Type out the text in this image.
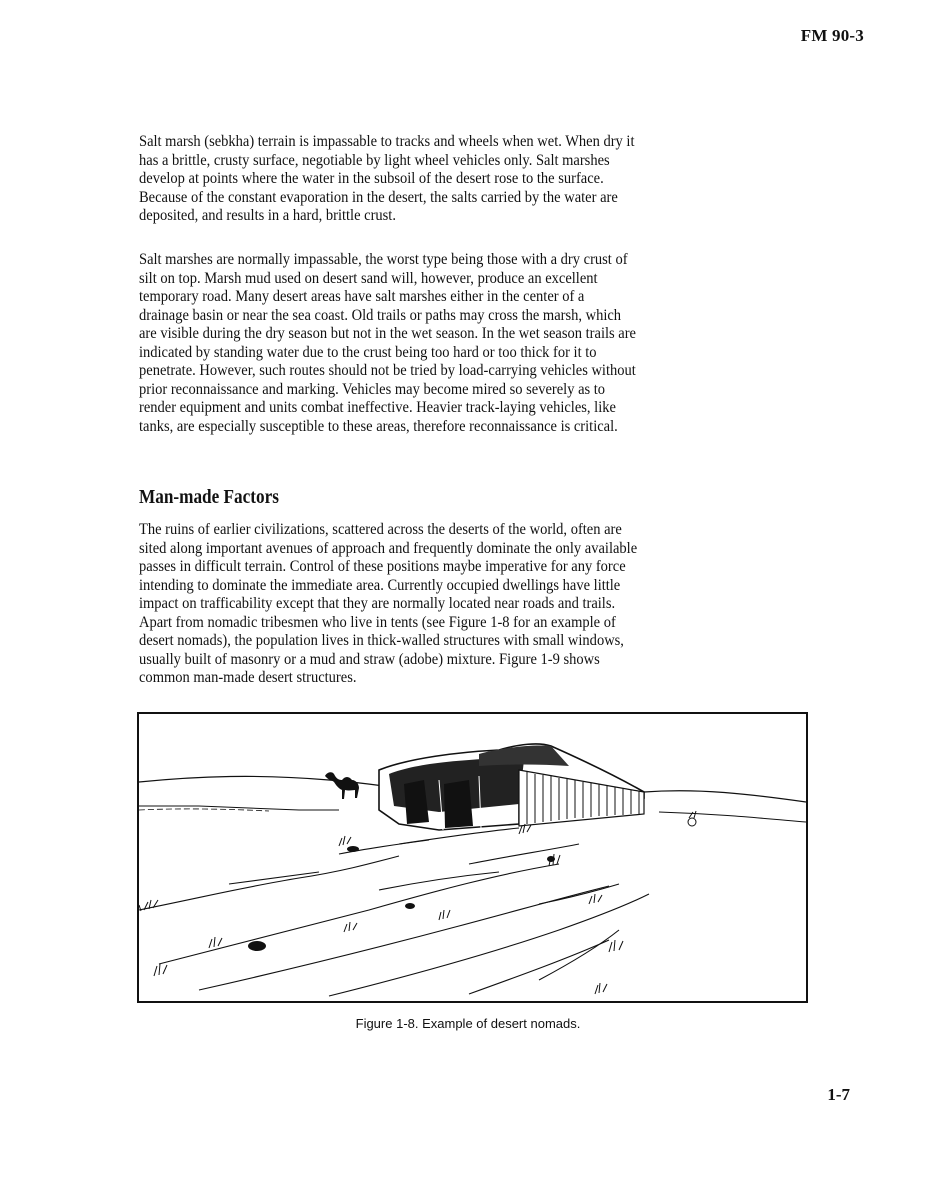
FM 90-3

Salt marsh (sebkha) terrain is impassable to tracks and wheels when wet. When dry it has a brittle, crusty surface, negotiable by light wheel vehicles only. Salt marshes develop at points where the water in the subsoil of the desert rose to the surface. Because of the constant evaporation in the desert, the salts carried by the water are deposited, and results in a hard, brittle crust.

Salt marshes are normally impassable, the worst type being those with a dry crust of silt on top. Marsh mud used on desert sand will, however, produce an excellent temporary road. Many desert areas have salt marshes either in the center of a drainage basin or near the sea coast. Old trails or paths may cross the marsh, which are visible during the dry season but not in the wet season. In the wet season trails are indicated by standing water due to the crust being too hard or too thick for it to penetrate. However, such routes should not be tried by load-carrying vehicles without prior reconnaissance and marking. Vehicles may become mired so severely as to render equipment and units combat ineffective. Heavier track-laying vehicles, like tanks, are especially susceptible to these areas, therefore reconnaissance is critical.

Man-made Factors

The ruins of earlier civilizations, scattered across the deserts of the world, often are sited along important avenues of approach and frequently dominate the only available passes in difficult terrain. Control of these positions maybe imperative for any force intending to dominate the immediate area. Currently occupied dwellings have little impact on trafficability except that they are normally located near roads and trails. Apart from nomadic tribesmen who live in tents (see Figure 1-8 for an example of desert nomads), the population lives in thick-walled structures with small windows, usually built of masonry or a mud and straw (adobe) mixture. Figure 1-9 shows common man-made desert structures.

Figure 1-8. Example of desert nomads.
1-7
